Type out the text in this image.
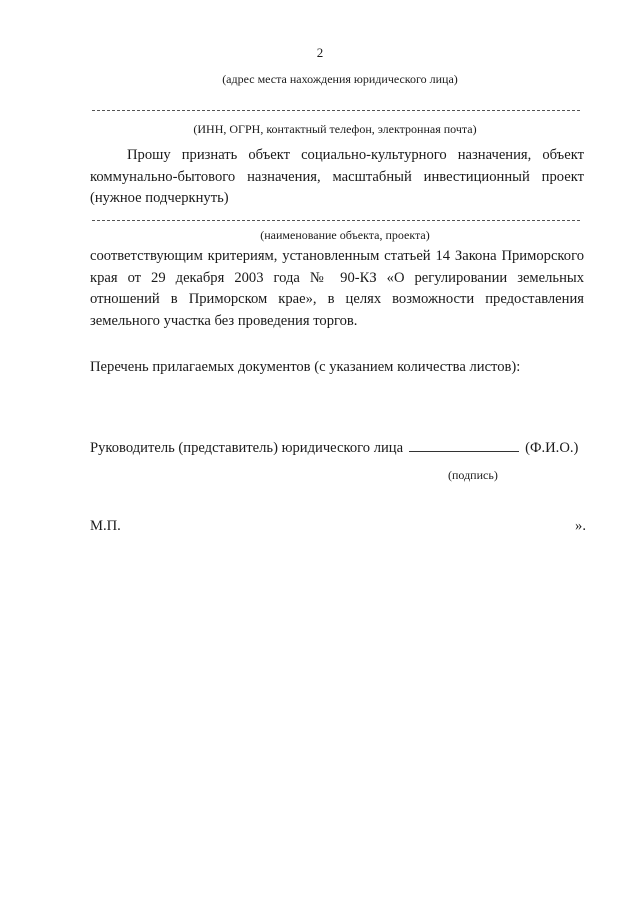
2
(адрес места нахождения юридического лица)
(ИНН, ОГРН, контактный телефон, электронная почта)
Прошу признать объект социально-культурного назначения, объект коммунально-бытового назначения, масштабный инвестиционный проект (нужное подчеркнуть)
(наименование объекта, проекта)
соответствующим критериям, установленным статьей 14 Закона Приморского края от 29 декабря 2003 года № 90-КЗ «О регулировании земельных отношений в Приморском крае», в целях возможности предоставления земельного участка без проведения торгов.
Перечень прилагаемых документов (с указанием количества листов):
Руководитель (представитель) юридического лица	(Ф.И.О.)
(подпись)
М.П.	».
